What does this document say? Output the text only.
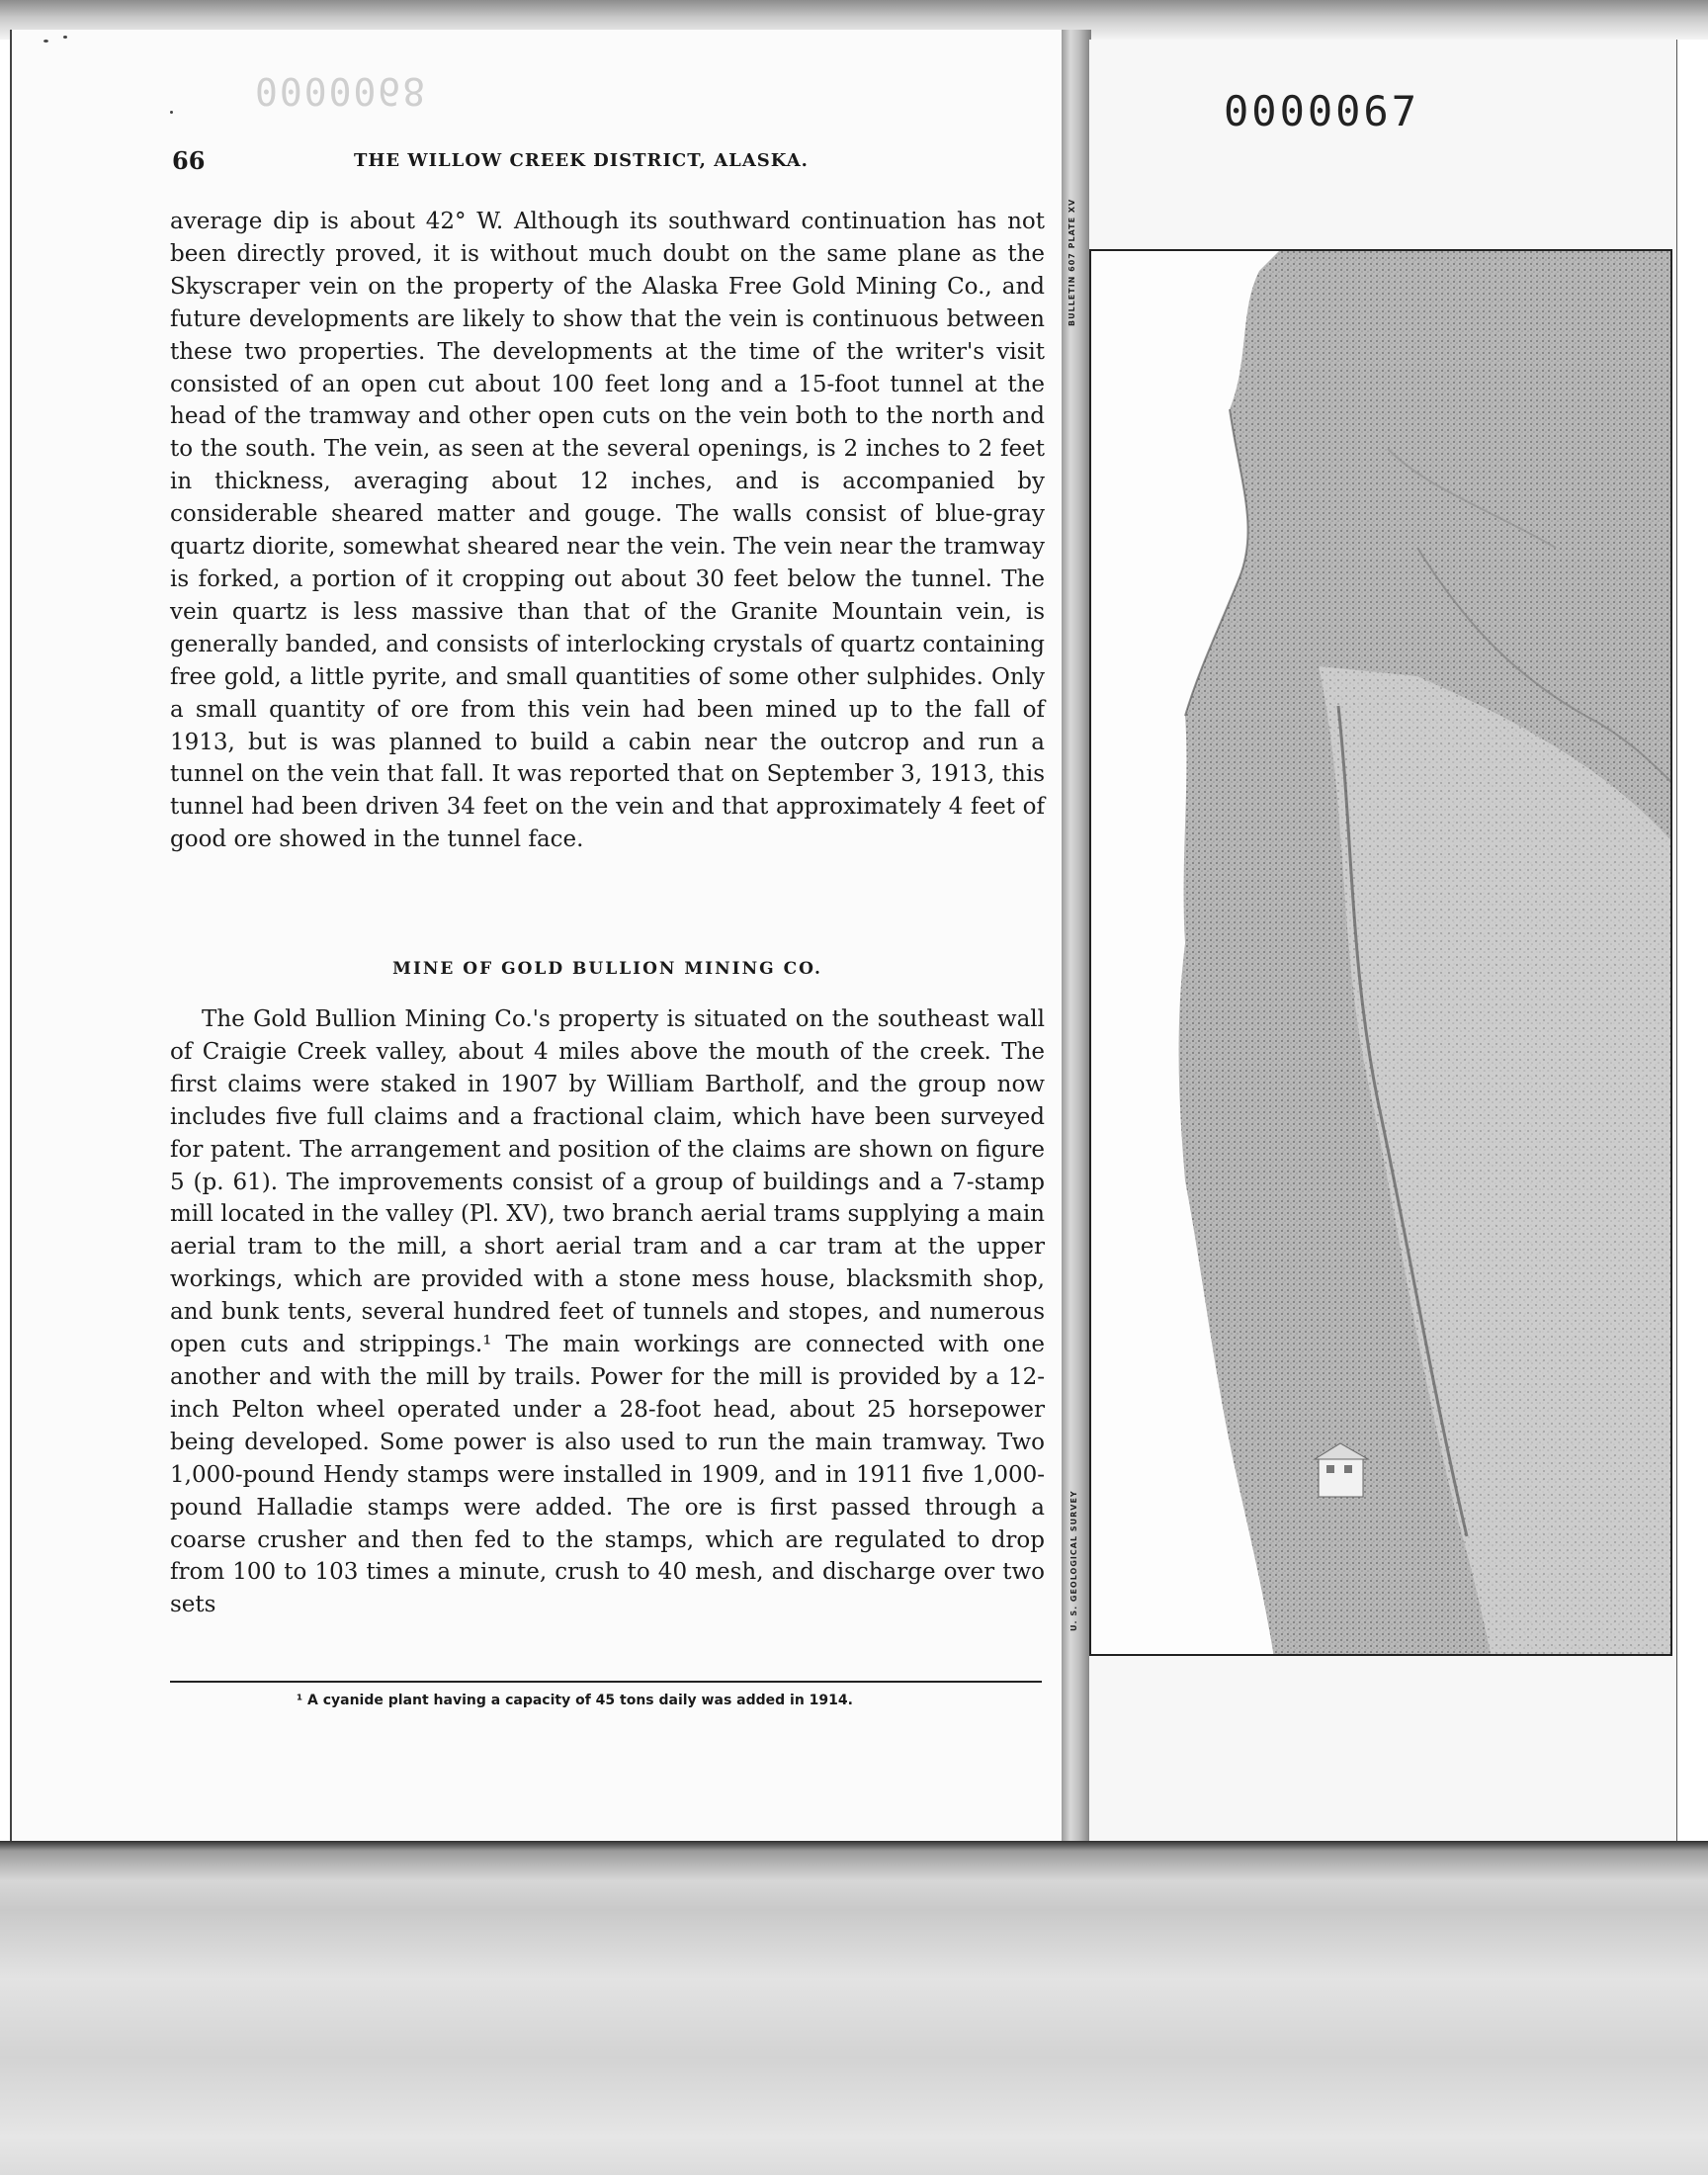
0000068	0000067
66	THE WILLOW CREEK DISTRICT, ALASKA.
average dip is about 42° W. Although its southward continuation has not been directly proved, it is without much doubt on the same plane as the Skyscraper vein on the property of the Alaska Free Gold Mining Co., and future developments are likely to show that the vein is continuous between these two properties. The developments at the time of the writer's visit consisted of an open cut about 100 feet long and a 15-foot tunnel at the head of the tramway and other open cuts on the vein both to the north and to the south. The vein, as seen at the several openings, is 2 inches to 2 feet in thickness, averaging about 12 inches, and is accompanied by considerable sheared matter and gouge. The walls consist of blue-gray quartz diorite, somewhat sheared near the vein. The vein near the tramway is forked, a portion of it cropping out about 30 feet below the tunnel. The vein quartz is less massive than that of the Granite Mountain vein, is generally banded, and consists of interlocking crystals of quartz containing free gold, a little pyrite, and small quantities of some other sulphides. Only a small quantity of ore from this vein had been mined up to the fall of 1913, but is was planned to build a cabin near the outcrop and run a tunnel on the vein that fall. It was reported that on September 3, 1913, this tunnel had been driven 34 feet on the vein and that approximately 4 feet of good ore showed in the tunnel face.
MINE OF GOLD BULLION MINING CO.
The Gold Bullion Mining Co.'s property is situated on the southeast wall of Craigie Creek valley, about 4 miles above the mouth of the creek. The first claims were staked in 1907 by William Bartholf, and the group now includes five full claims and a fractional claim, which have been surveyed for patent. The arrangement and position of the claims are shown on figure 5 (p. 61). The improvements consist of a group of buildings and a 7-stamp mill located in the valley (Pl. XV), two branch aerial trams supplying a main aerial tram to the mill, a short aerial tram and a car tram at the upper workings, which are provided with a stone mess house, blacksmith shop, and bunk tents, several hundred feet of tunnels and stopes, and numerous open cuts and strippings.¹ The main workings are connected with one another and with the mill by trails. Power for the mill is provided by a 12-inch Pelton wheel operated under a 28-foot head, about 25 horsepower being developed. Some power is also used to run the main tramway. Two 1,000-pound Hendy stamps were installed in 1909, and in 1911 five 1,000-pound Halladie stamps were added. The ore is first passed through a coarse crusher and then fed to the stamps, which are regulated to drop from 100 to 103 times a minute, crush to 40 mesh, and discharge over two sets
¹ A cyanide plant having a capacity of 45 tons daily was added in 1914.
BULLETIN 607 PLATE XV
U. S. GEOLOGICAL SURVEY
